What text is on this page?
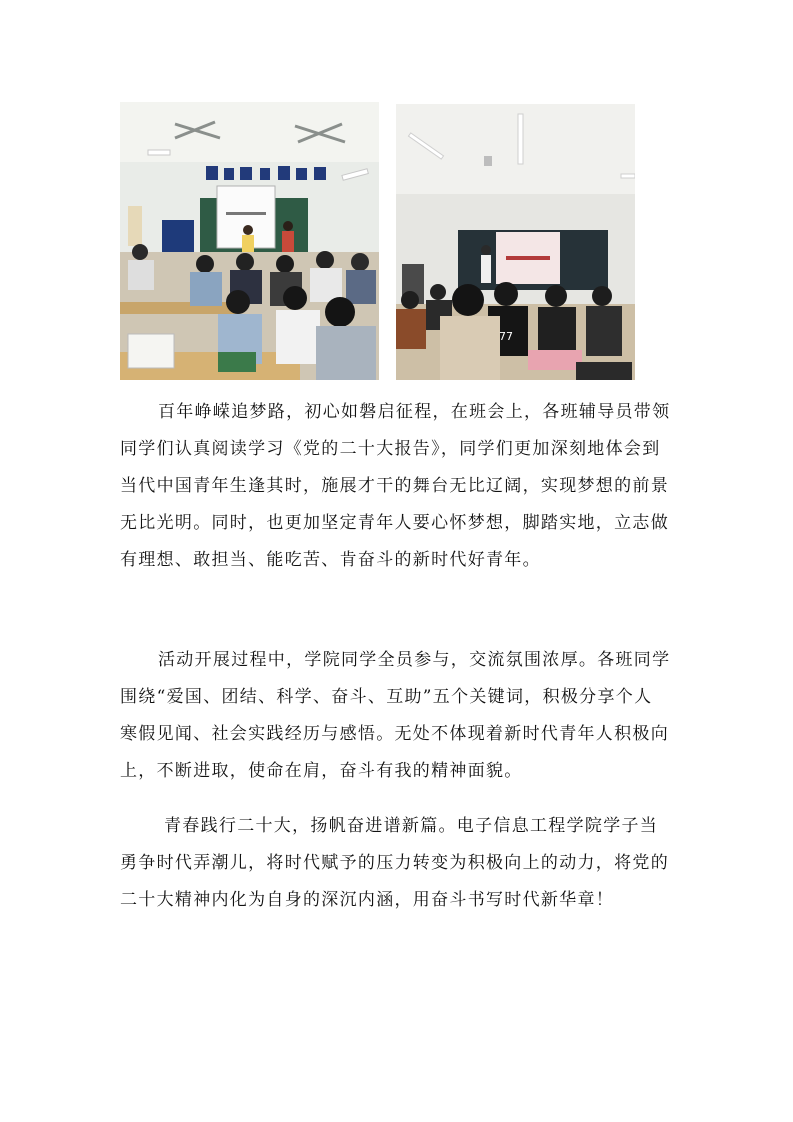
77
百年峥嵘追梦路，初心如磐启征程，在班会上，各班辅导员带领
同学们认真阅读学习《党的二十大报告》，同学们更加深刻地体会到
当代中国青年生逢其时，施展才干的舞台无比辽阔，实现梦想的前景
无比光明。同时，也更加坚定青年人要心怀梦想，脚踏实地，立志做
有理想、敢担当、能吃苦、肯奋斗的新时代好青年。
活动开展过程中，学院同学全员参与，交流氛围浓厚。各班同学
围绕“爱国、团结、科学、奋斗、互助”五个关键词，积极分享个人
寒假见闻、社会实践经历与感悟。无处不体现着新时代青年人积极向
上，不断进取，使命在肩，奋斗有我的精神面貌。
青春践行二十大，扬帆奋进谱新篇。电子信息工程学院学子当
勇争时代弄潮儿，将时代赋予的压力转变为积极向上的动力，将党的
二十大精神内化为自身的深沉内涵，用奋斗书写时代新华章！
